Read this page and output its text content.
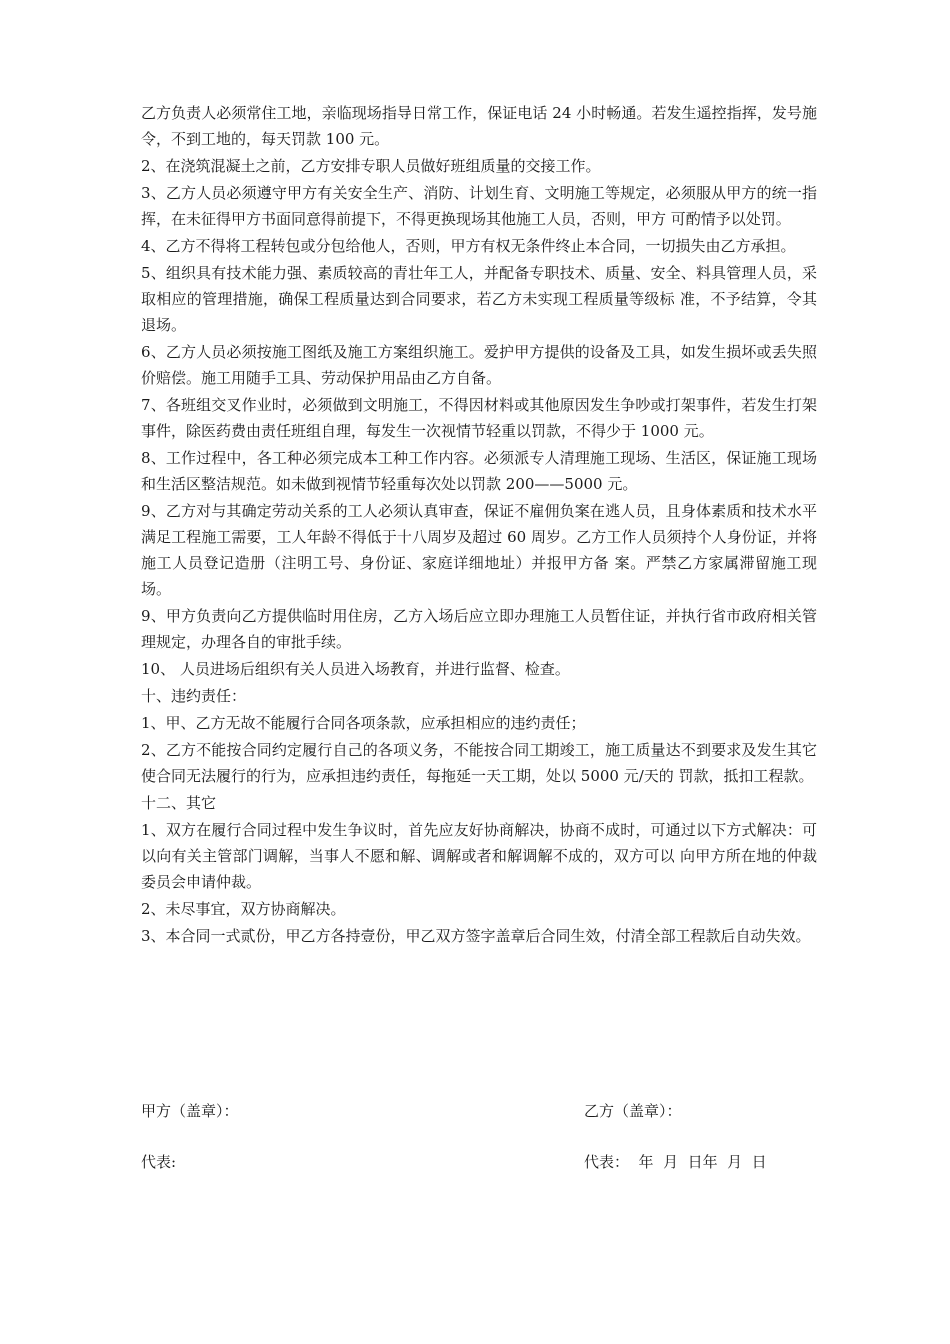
乙方负责人必须常住工地，亲临现场指导日常工作，保证电话 24 小时畅通。若发生遥控指挥，发号施令，不到工地的，每天罚款 100 元。

2、在浇筑混凝土之前，乙方安排专职人员做好班组质量的交接工作。

3、乙方人员必须遵守甲方有关安全生产、消防、计划生育、文明施工等规定，必须服从甲方的统一指挥，在未征得甲方书面同意得前提下，不得更换现场其他施工人员，否则，甲方 可酌情予以处罚。

4、乙方不得将工程转包或分包给他人，否则，甲方有权无条件终止本合同，一切损失由乙方承担。

5、组织具有技术能力强、素质较高的青壮年工人，并配备专职技术、质量、安全、料具管理人员，采取相应的管理措施，确保工程质量达到合同要求，若乙方未实现工程质量等级标 准，不予结算，令其退场。

6、乙方人员必须按施工图纸及施工方案组织施工。爱护甲方提供的设备及工具，如发生损坏或丢失照价赔偿。施工用随手工具、劳动保护用品由乙方自备。

7、各班组交叉作业时，必须做到文明施工，不得因材料或其他原因发生争吵或打架事件，若发生打架事件，除医药费由责任班组自理，每发生一次视情节轻重以罚款，不得少于 1000 元。

8、工作过程中，各工种必须完成本工种工作内容。必须派专人清理施工现场、生活区，保证施工现场和生活区整洁规范。如未做到视情节轻重每次处以罚款 200——5000 元。

9、乙方对与其确定劳动关系的工人必须认真审查，保证不雇佣负案在逃人员，且身体素质和技术水平满足工程施工需要，工人年龄不得低于十八周岁及超过 60 周岁。乙方工作人员须持个人身份证，并将施工人员登记造册（注明工号、身份证、家庭详细地址）并报甲方备 案。严禁乙方家属滞留施工现场。

9、甲方负责向乙方提供临时用住房，乙方入场后应立即办理施工人员暂住证，并执行省市政府相关管理规定，办理各自的审批手续。

10、 人员进场后组织有关人员进入场教育，并进行监督、检查。

十、违约责任：

1、甲、乙方无故不能履行合同各项条款，应承担相应的违约责任；

2、乙方不能按合同约定履行自己的各项义务，不能按合同工期竣工，施工质量达不到要求及发生其它使合同无法履行的行为，应承担违约责任，每拖延一天工期，处以 5000 元/天的 罚款，抵扣工程款。

十二、其它

1、双方在履行合同过程中发生争议时，首先应友好协商解决，协商不成时，可通过以下方式解决：可以向有关主管部门调解，当事人不愿和解、调解或者和解调解不成的，双方可以 向甲方所在地的仲裁委员会申请仲裁。

2、未尽事宜，双方协商解决。

3、本合同一式贰份，甲乙方各持壹份，甲乙双方签字盖章后合同生效，付清全部工程款后自动失效。

甲方（盖章）：	乙方（盖章）：
代表:	代表：  年  月  日年  月  日
